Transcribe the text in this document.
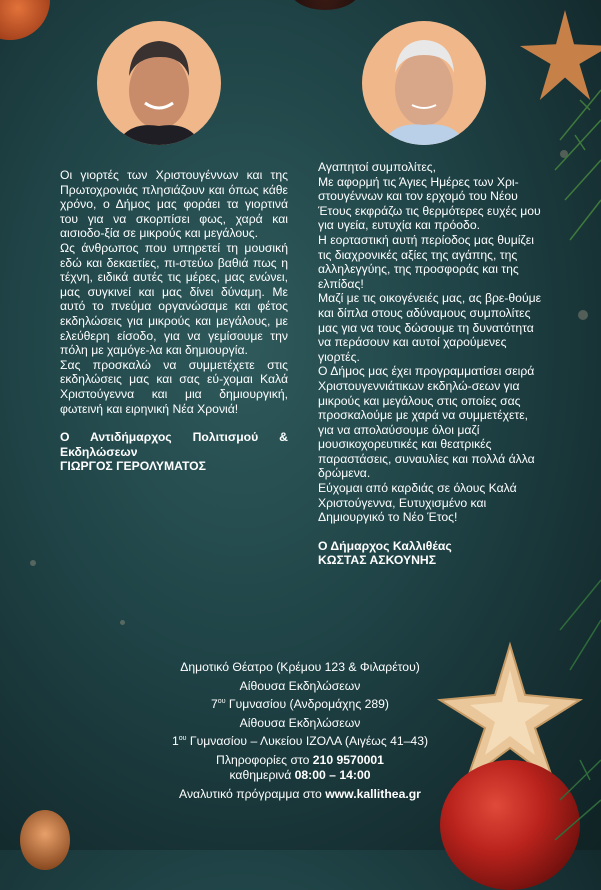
Οι γιορτές των Χριστουγέννων και της Πρωτοχρονιάς πλησιάζουν και όπως κάθε χρόνο, ο Δήμος μας φοράει τα γιορτινά του για να σκορπίσει φως, χαρά και αισιοδο-ξία σε μικρούς και μεγάλους.

Ως άνθρωπος που υπηρετεί τη μουσική εδώ και δεκαετίες, πι-στεύω βαθιά πως η τέχνη, ειδικά αυτές τις μέρες, μας ενώνει, μας συγκινεί και μας δίνει δύναμη. Με αυτό το πνεύμα οργανώσαμε και φέτος εκδηλώσεις για μικρούς και μεγάλους, με ελεύθερη είσοδο, για να γεμίσουμε την πόλη με χαμόγε-λα και δημιουργία.

Σας προσκαλώ να συμμετέχετε στις εκδηλώσεις μας και σας εύ-χομαι Καλά Χριστούγεννα και μια δημιουργική, φωτεινή και ειρηνική Νέα Χρονιά!

Ο Αντιδήμαρχος Πολιτισμού & Εκδηλώσεων
ΓΙΩΡΓΟΣ ΓΕΡΟΛΥΜΑΤΟΣ

Αγαπητοί συμπολίτες,

Με αφορμή τις Άγιες Ημέρες των Χρι-στουγέννων και τον ερχομό του Νέου Έτους εκφράζω τις θερμότερες ευχές μου για υγεία, ευτυχία και πρόοδο.

Η εορταστική αυτή περίοδος μας θυμίζει τις διαχρονικές αξίες της αγάπης, της αλληλεγγύης, της προσφοράς και της ελπίδας!

Μαζί με τις οικογένειές μας, ας βρε-θούμε και δίπλα στους αδύναμους συμπολίτες μας για να τους δώσουμε τη δυνατότητα να περάσουν και αυτοί χαρούμενες γιορτές.

Ο Δήμος μας έχει προγραμματίσει σειρά Χριστουγεννιάτικων εκδηλώ-σεων για μικρούς και μεγάλους στις οποίες σας προσκαλούμε με χαρά να συμμετέχετε, για να απολαύσουμε όλοι μαζί μουσικοχορευτικές και θεατρικές παραστάσεις, συναυλίες και πολλά άλλα δρώμενα.

Εύχομαι από καρδιάς σε όλους Καλά Χριστούγεννα, Ευτυχισμένο και Δημιουργικό το Νέο Έτος!

Ο Δήμαρχος Καλλιθέας
ΚΩΣΤΑΣ ΑΣΚΟΥΝΗΣ
Δημοτικό Θέατρο (Κρέμου 123 & Φιλαρέτου)
Αίθουσα Εκδηλώσεων
$7^{o\upsilon}$ Γυμνασίου (Ανδρομάχης 289)
Αίθουσα Εκδηλώσεων
$1^{o\upsilon}$ Γυμνασίου – Λυκείου ΙΖΟΛΑ (Αιγέως 41–43)
Πληροφορίες στο 210 9570001
καθημερινά 08:00 – 14:00
Αναλυτικό πρόγραμμα στο www.kallithea.gr
